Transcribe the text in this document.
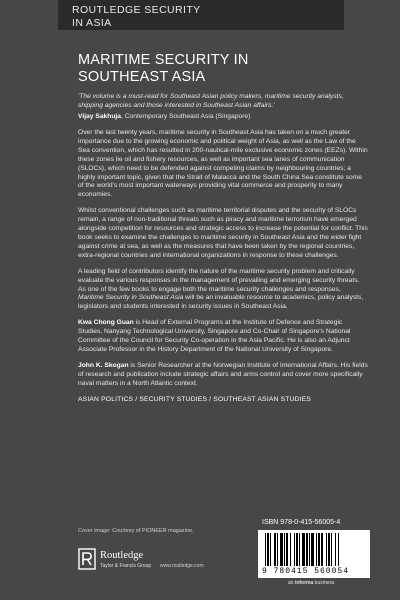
ROUTLEDGE SECURITY
IN ASIA
MARITIME SECURITY IN
SOUTHEAST ASIA

'The volume is a must-read for Southeast Asian policy makers, maritime security analysts, shipping agencies and those interested in Southeast Asian affairs.'

Vijay Sakhuja, Contemporary Southeast Asia (Singapore)

Over the last twenty years, maritime security in Southeast Asia has taken on a much greater importance due to the growing economic and political weight of Asia, as well as the Law of the Sea convention, which has resulted in 200-nautical-mile exclusive economic zones (EEZs). Within these zones lie oil and fishery resources, as well as important sea lanes of communication (SLOCs), which need to be defended against competing claims by neighbouring countries; a highly important topic, given that the Strait of Malacca and the South China Sea constitute some of the world's most important waterways providing vital commerce and prosperity to many economies.

Whilst conventional challenges such as maritime territorial disputes and the security of SLOCs remain, a range of non-traditional threats such as piracy and maritime terrorism have emerged alongside competition for resources and strategic access to increase the potential for conflict. This book seeks to examine the challenges to maritime security in Southeast Asia and the wider fight against crime at sea, as well as the measures that have been taken by the regional countries, extra-regional countries and international organizations in response to these challenges.

A leading field of contributors identify the nature of the maritime security problem and critically evaluate the various responses in the management of prevailing and emerging security threats. As one of the few books to engage both the maritime security challenges and responses, Maritime Security in Southeast Asia will be an invaluable resource to academics, policy analysts, legislators and students interested in security issues in Southeast Asia.

Kwa Chong Guan is Head of External Programs at the Institute of Defence and Strategic Studies, Nanyang Technological University, Singapore and Co-Chair of Singapore's National Committee of the Council for Security Co-operation in the Asia Pacific. He is also an Adjunct Associate Professor in the History Department of the National University of Singapore.

John K. Skogan is Senior Researcher at the Norwegian Institute of International Affairs. His fields of research and publication include strategic affairs and arms control and cover more specifically naval matters in a North Atlantic context.

ASIAN POLITICS / SECURITY STUDIES / SOUTHEAST ASIAN STUDIES
Cover image: Courtesy of PIONEER magazine.
Routledge
Taylor & Francis Group www.routledge.com
ISBN 978-0-415-56005-4
9 780415 560054
an informa business
